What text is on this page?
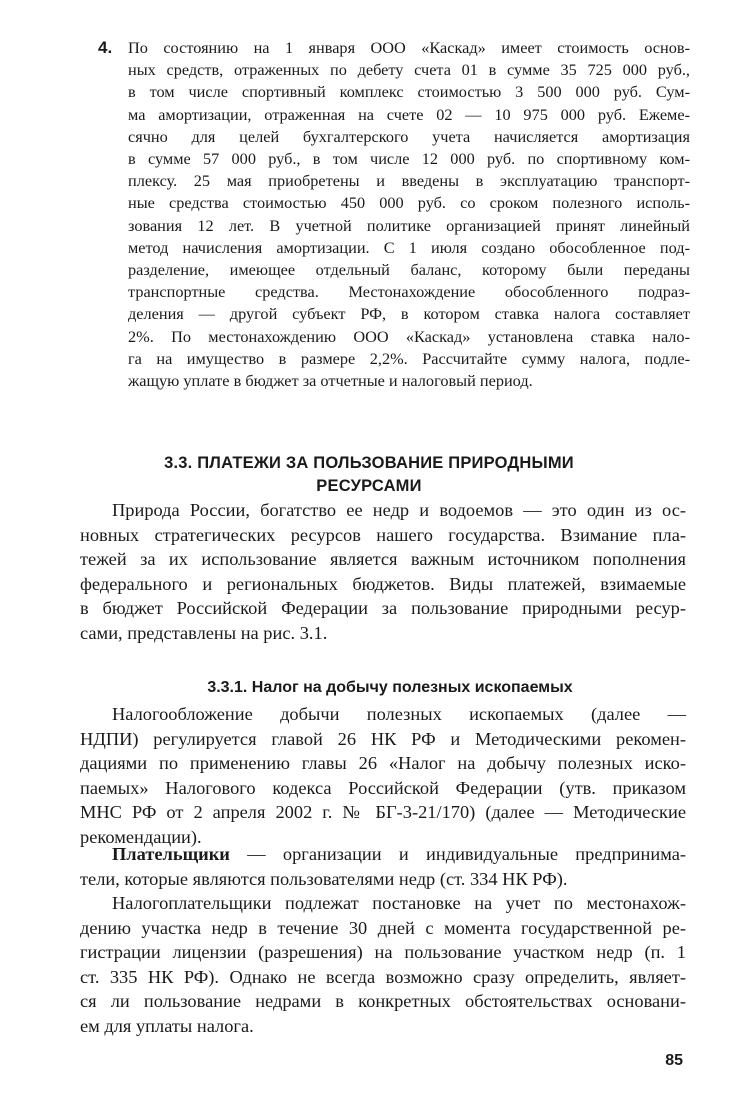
4. По состоянию на 1 января ООО «Каскад» имеет стоимость основ-
ных средств, отраженных по дебету счета 01 в сумме 35 725 000 руб.,
в том числе спортивный комплекс стоимостью 3 500 000 руб. Сум-
ма амортизации, отраженная на счете 02 — 10 975 000 руб. Ежеме-
сячно для целей бухгалтерского учета начисляется амортизация
в сумме 57 000 руб., в том числе 12 000 руб. по спортивному ком-
плексу. 25 мая приобретены и введены в эксплуатацию транспорт-
ные средства стоимостью 450 000 руб. со сроком полезного исполь-
зования 12 лет. В учетной политике организацией принят линейный
метод начисления амортизации. С 1 июля создано обособленное под-
разделение, имеющее отдельный баланс, которому были переданы
транспортные средства. Местонахождение обособленного подраз-
деления — другой субъект РФ, в котором ставка налога составляет
2%. По местонахождению ООО «Каскад» установлена ставка нало-
га на имущество в размере 2,2%. Рассчитайте сумму налога, подле-
жащую уплате в бюджет за отчетные и налоговый период.
3.3. ПЛАТЕЖИ ЗА ПОЛЬЗОВАНИЕ ПРИРОДНЫМИ
РЕСУРСАМИ
Природа России, богатство ее недр и водоемов — это один из ос-
новных стратегических ресурсов нашего государства. Взимание пла-
тежей за их использование является важным источником пополнения
федерального и региональных бюджетов. Виды платежей, взимаемые
в бюджет Российской Федерации за пользование природными ресур-
сами, представлены на рис. 3.1.
3.3.1. Налог на добычу полезных ископаемых
Налогообложение добычи полезных ископаемых (далее —
НДПИ) регулируется главой 26 НК РФ и Методическими рекомен-
дациями по применению главы 26 «Налог на добычу полезных иско-
паемых» Налогового кодекса Российской Федерации (утв. приказом
МНС РФ от 2 апреля 2002 г. № БГ-3-21/170) (далее — Методические
рекомендации).
Плательщики — организации и индивидуальные предпринима-
тели, которые являются пользователями недр (ст. 334 НК РФ).
Налогоплательщики подлежат постановке на учет по местонахож-
дению участка недр в течение 30 дней с момента государственной ре-
гистрации лицензии (разрешения) на пользование участком недр (п. 1
ст. 335 НК РФ). Однако не всегда возможно сразу определить, являет-
ся ли пользование недрами в конкретных обстоятельствах основани-
ем для уплаты налога.
85
